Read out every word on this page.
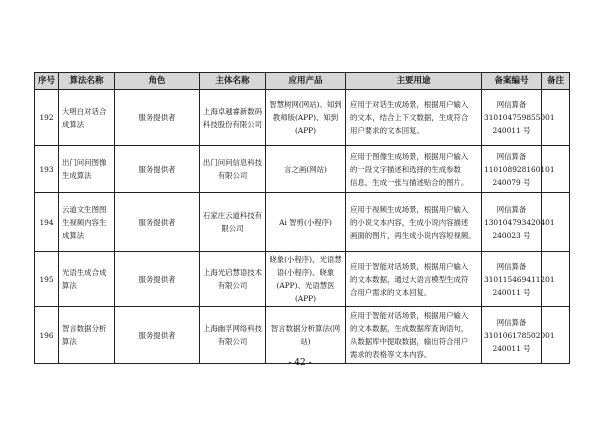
序号	算法名称	角色	主体名称	应用产品	主要用途	备案编号	备注
192	大明白对话合成算法	服务提供者	上海卓越睿新数码科技股份有限公司	智慧树网(网站)、知到教师版(APP)、知到(APP)	应用于对话生成场景，根据用户输入
的文本，结合上下文数据，生成符合
用户要求的文本回复。	网信算备
310104759855001
240011 号	

193	出门问问图像生成算法	服务提供者	出门问问信息科技有限公司	言之画(网站)	应用于图像生成场景，根据用户输入
的一段文字描述和选择的生成参数
信息，生成一张与描述贴合的图片。	网信算备
110108928160101
240079 号	

194	云道文生图图生视频内容生成算法	服务提供者	石家庄云道科技有限公司	Ai 智剪(小程序)	应用于视频生成场景，根据用户输入
的小说文本内容，生成小说内容描述
画面的图片，再生成小说内容短视频。	网信算备
130104793420401
240023 号	

195	光语生成合成算法	服务提供者	上海光启慧语技术有限公司	晓象(小程序)、光语慧语(小程序)、晓象(APP)、光语慧医(APP)	应用于智能对话场景，根据用户输入
的文本数据，通过大语言模型生成符
合用户需求的文本回复。	网信算备
310115469411201
240011 号	

196	智言数据分析算法	服务提供者	上海幽孚网络科技有限公司	智言数据分析算法(网站)	应用于智能对话场景，根据用户输入
的文本数据，生成数据库查询语句，
从数据库中提取数据，输出符合用户
需求的表格等文本内容。	网信算备
310106178502001
240011 号	

- 42 -
